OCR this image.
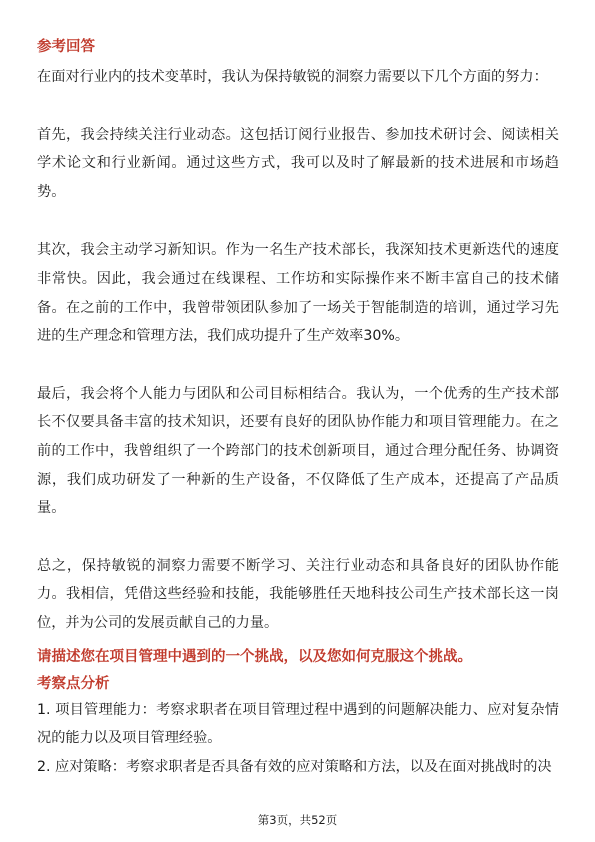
参考回答

在面对行业内的技术变革时，我认为保持敏锐的洞察力需要以下几个方面的努力：

首先，我会持续关注行业动态。这包括订阅行业报告、参加技术研讨会、阅读相关学术论文和行业新闻。通过这些方式，我可以及时了解最新的技术进展和市场趋势。

其次，我会主动学习新知识。作为一名生产技术部长，我深知技术更新迭代的速度非常快。因此，我会通过在线课程、工作坊和实际操作来不断丰富自己的技术储备。在之前的工作中，我曾带领团队参加了一场关于智能制造的培训，通过学习先进的生产理念和管理方法，我们成功提升了生产效率30%。

最后，我会将个人能力与团队和公司目标相结合。我认为，一个优秀的生产技术部长不仅要具备丰富的技术知识，还要有良好的团队协作能力和项目管理能力。在之前的工作中，我曾组织了一个跨部门的技术创新项目，通过合理分配任务、协调资源，我们成功研发了一种新的生产设备，不仅降低了生产成本，还提高了产品质量。

总之，保持敏锐的洞察力需要不断学习、关注行业动态和具备良好的团队协作能力。我相信，凭借这些经验和技能，我能够胜任天地科技公司生产技术部长这一岗位，并为公司的发展贡献自己的力量。

请描述您在项目管理中遇到的一个挑战，以及您如何克服这个挑战。

考察点分析

1. 项目管理能力：考察求职者在项目管理过程中遇到的问题解决能力、应对复杂情况的能力以及项目管理经验。

2. 应对策略：考察求职者是否具备有效的应对策略和方法，以及在面对挑战时的决

第3页，共52页
